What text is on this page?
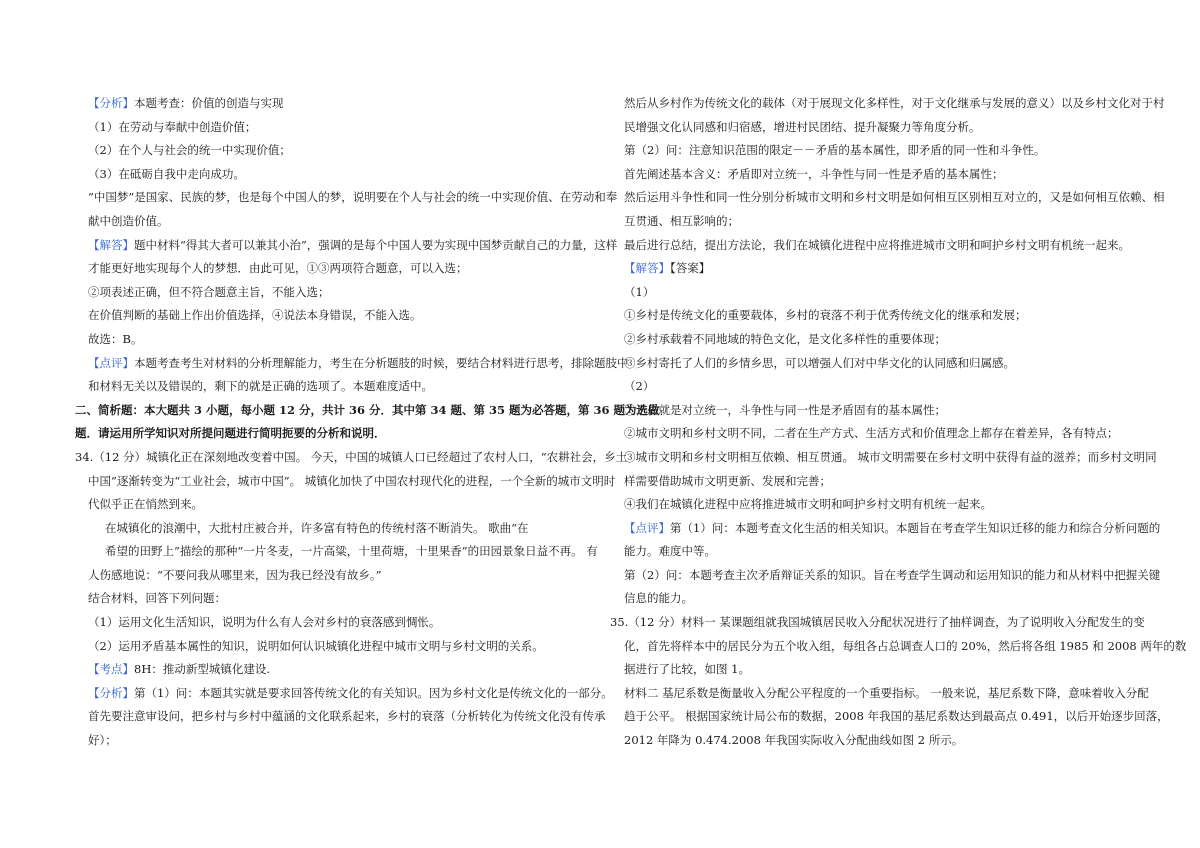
【分析】本题考查：价值的创造与实现
（1）在劳动与奉献中创造价值；
（2）在个人与社会的统一中实现价值；
（3）在砥砺自我中走向成功。
”中国梦”是国家、民族的梦，也是每个中国人的梦，说明要在个人与社会的统一中实现价值、在劳动和奉
献中创造价值。
【解答】题中材料“得其大者可以兼其小治”，强调的是每个中国人要为实现中国梦贡献自己的力量，这样
才能更好地实现每个人的梦想．由此可见，①③两项符合题意，可以入选；
②项表述正确，但不符合题意主旨，不能入选；
在价值判断的基础上作出价值选择，④说法本身错误，不能入选。
故选：B。
【点评】本题考查考生对材料的分析理解能力，考生在分析题肢的时候，要结合材料进行思考，排除题肢中
和材料无关以及错误的，剩下的就是正确的选项了。本题难度适中。
二、简析题：本大题共 3 小题，每小题 12 分，共计 36 分．其中第 34 题、第 35 题为必答题，第 36 题为选做
题．请运用所学知识对所提问题进行简明扼要的分析和说明．
34.（12 分）城镇化正在深刻地改变着中国。 今天，中国的城镇人口已经超过了农村人口，“农耕社会，乡土
中国”逐渐转变为“工业社会，城市中国”。 城镇化加快了中国农村现代化的进程，一个全新的城市文明时
代似乎正在悄然到来。
在城镇化的浪潮中，大批村庄被合并，许多富有特色的传统村落不断消失。 歌曲“在
希望的田野上”描绘的那种“一片冬麦，一片高粱，十里荷塘，十里果香”的田园景象日益不再。 有
人伤感地说：“不要问我从哪里来，因为我已经没有故乡。”
结合材料，回答下列问题：
（1）运用文化生活知识，说明为什么有人会对乡村的衰落感到惆怅。
（2）运用矛盾基本属性的知识，说明如何认识城镇化进程中城市文明与乡村文明的关系。
【考点】8H：推动新型城镇化建设.
【分析】第（1）问：本题其实就是要求回答传统文化的有关知识。因为乡村文化是传统文化的一部分。
首先要注意审设问，把乡村与乡村中蕴涵的文化联系起来，乡村的衰落（分析转化为传统文化没有传承
好）；
然后从乡村作为传统文化的载体（对于展现文化多样性，对于文化继承与发展的意义）以及乡村文化对于村
民增强文化认同感和归宿感，增进村民团结、提升凝聚力等角度分析。
第（2）问：注意知识范围的限定－－矛盾的基本属性，即矛盾的同一性和斗争性。
首先阐述基本含义：矛盾即对立统一，斗争性与同一性是矛盾的基本属性；
然后运用斗争性和同一性分别分析城市文明和乡村文明是如何相互区别相互对立的，又是如何相互依赖、相
互贯通、相互影响的；
最后进行总结，提出方法论，我们在城镇化进程中应将推进城市文明和呵护乡村文明有机统一起来。
【解答】【答案】
（1）
①乡村是传统文化的重要载体，乡村的衰落不利于优秀传统文化的继承和发展；
②乡村承载着不同地域的特色文化，是文化多样性的重要体现；
③乡村寄托了人们的乡情乡思，可以增强人们对中华文化的认同感和归属感。
（2）
①矛盾就是对立统一，斗争性与同一性是矛盾固有的基本属性；
②城市文明和乡村文明不同，二者在生产方式、生活方式和价值理念上都存在着差异，各有特点；
③城市文明和乡村文明相互依赖、相互贯通。 城市文明需要在乡村文明中获得有益的滋养；而乡村文明同
样需要借助城市文明更新、发展和完善；
④我们在城镇化进程中应将推进城市文明和呵护乡村文明有机统一起来。
【点评】第（1）问：本题考查文化生活的相关知识。本题旨在考查学生知识迁移的能力和综合分析问题的
能力。难度中等。
第（2）问：本题考查主次矛盾辩证关系的知识。旨在考查学生调动和运用知识的能力和从材料中把握关键
信息的能力。
35.（12 分）材料一 某课题组就我国城镇居民收入分配状况进行了抽样调查，为了说明收入分配发生的变
化，首先将样本中的居民分为五个收入组，每组各占总调查人口的 20%，然后将各组 1985 和 2008 两年的数
据进行了比较，如图 1。
材料二 基尼系数是衡量收入分配公平程度的一个重要指标。 一般来说，基尼系数下降，意味着收入分配
趋于公平。 根据国家统计局公布的数据，2008 年我国的基尼系数达到最高点 0.491，以后开始逐步回落，
2012 年降为 0.474.2008 年我国实际收入分配曲线如图 2 所示。
